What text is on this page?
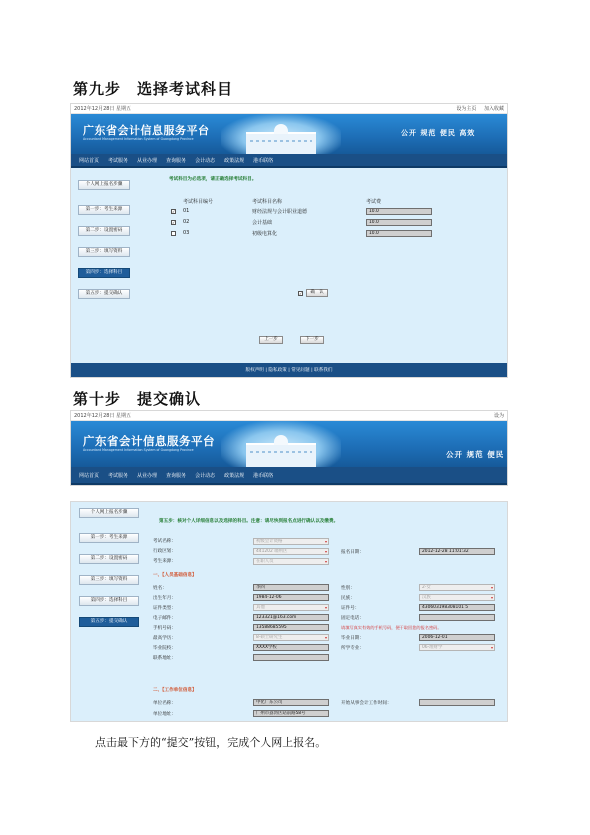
第九步　选择考试科目
2012年12月28日 星期五	设为主页 加入收藏
广东省会计信息服务平台
Accountant Management Information System of Guangdong Province
公开 规范 便民 高效
网站首页 考试服务 从业办理 查询服务 会计动态 政策法规 港币联络
个人网上报名步骤
第一步：考生来源
第二步：设置密码
第三步：填写资料
第四步：选择科目
第五步：提交确认
考试科目为必选项，请正确选择考试科目。
考试科目编号	考试科目名称	考试费
✓ 01	财经法规与会计职业道德	10.0
✓ 02	会计基础	10.0
03	初级电算化	10.0
✓	确　认
上一步	下一步
版权声明 | 隐私政策 | 常见问题 | 联系我们
第十步　提交确认
2012年12月28日 星期五	设为
广东省会计信息服务平台
Accountant Management Information System of Guangdong Province	公开 规范 便民
网站首页 考试服务 从业办理 查询服务 会计动态 政策法规 港币联络
个人网上报名步骤
第一步：考生来源
第二步：设置密码
第三步：填写资料
第四步：选择科目
第五步：提交确认
第五步：核对个人详细信息以及选择的科目。注意：请尽快到报名点进行确认以及缴费。
考试名称：	初级会计资格	▾
行政区划：	441202 端州区	▾
考生来源：	在职人员	▾
报名日期：	2012-12-28 11:01:32
一、【人员基础信息】
姓名：	李四	性别：	2-女	▾
出生年月：	1984-12-06	民族：	汉族	▾
证件类型：	其他	▾	证件号：	430603198308101 5
电子邮件：	123321@163.com	固定电话：
手机号码：	13588685595	请填写真实有效的手机号码，便于取回您的报名密码。
最高学历：	8-硕士研究生	▾	毕业日期：	2006-12-01
毕业院校：	XXXX学校	所学专业：	06-理财学	▾
联系地址：
二、【工作单位信息】
单位名称：	中化广东公司	开始从事会计工作时间：
单位地址：	广州市荔湾区站前路58号
点击最下方的“提交”按钮，完成个人网上报名。
